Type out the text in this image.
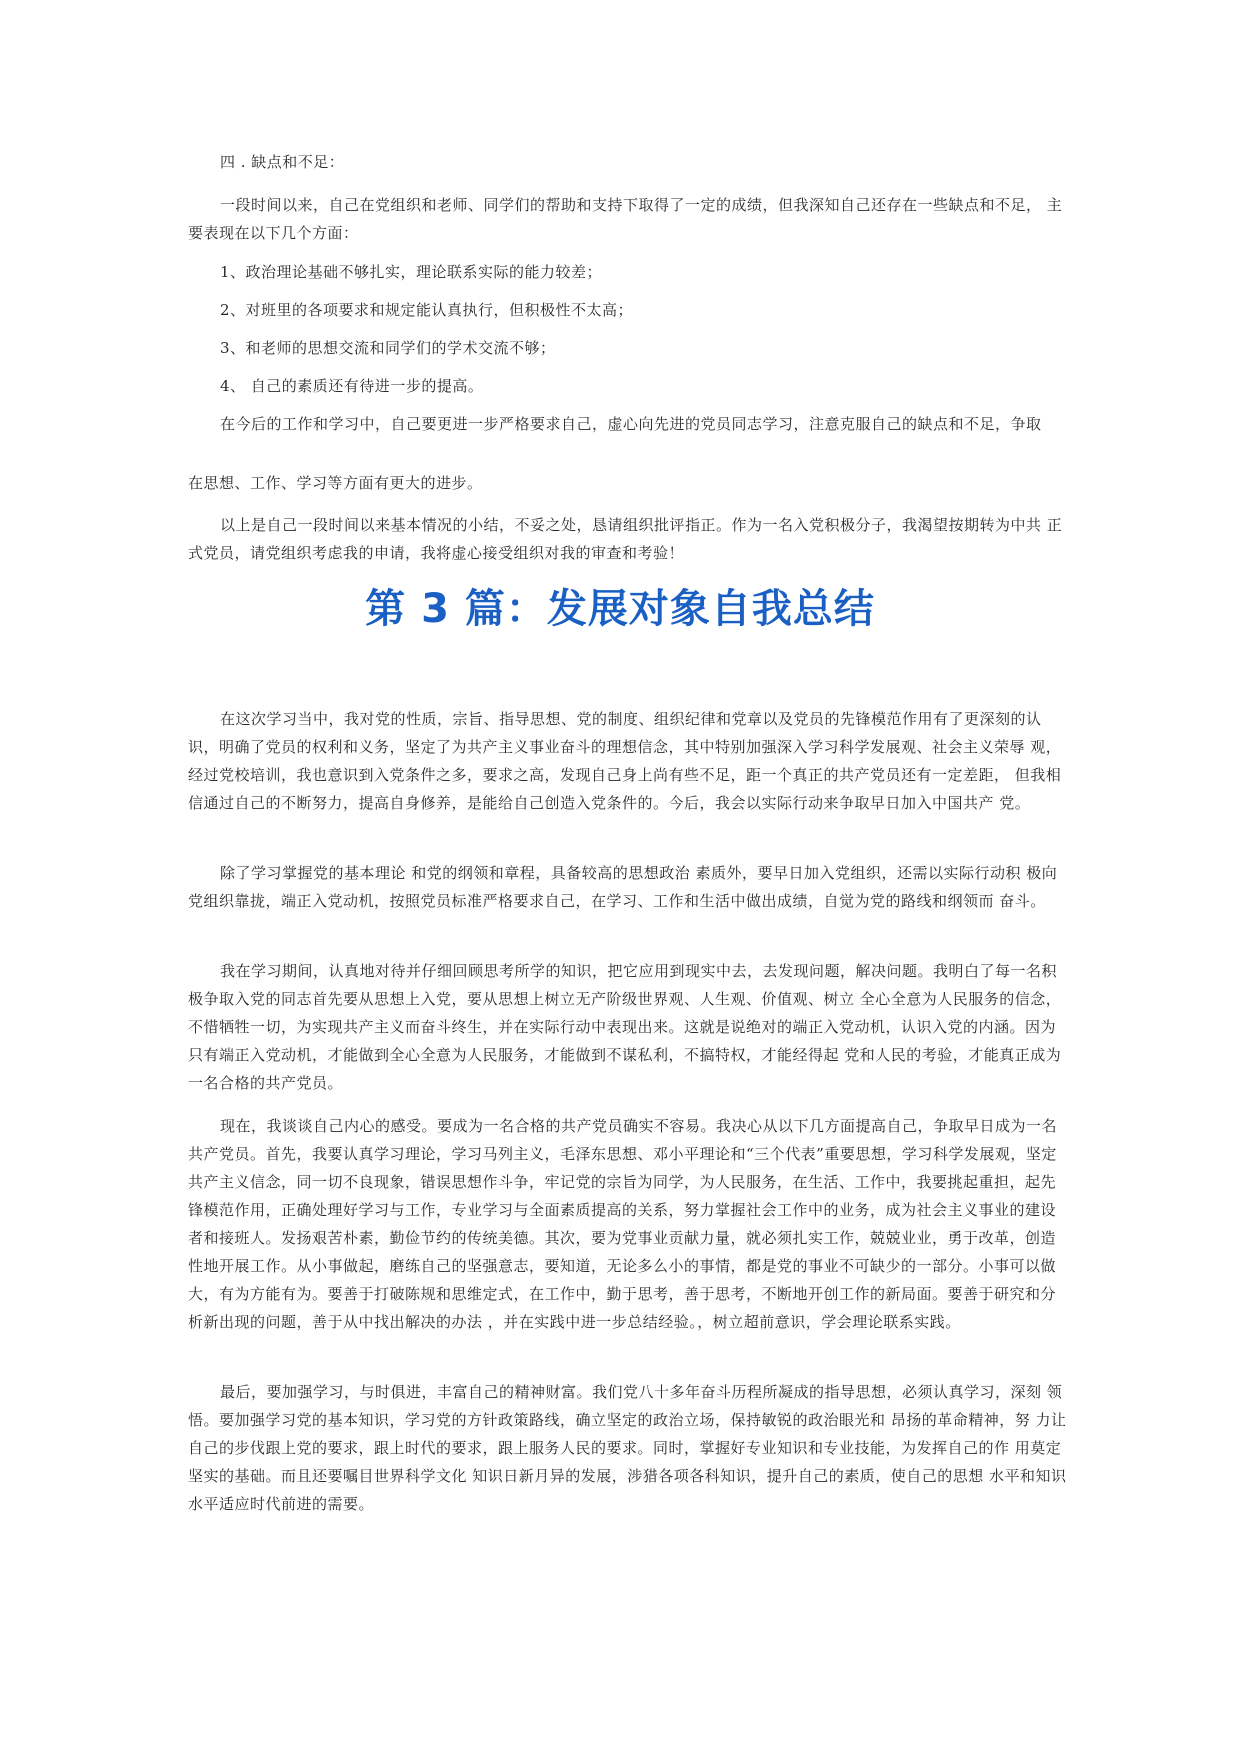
四 . 缺点和不足：

一段时间以来，自己在党组织和老师、同学们的帮助和支持下取得了一定的成绩，但我深知自己还存在一些缺点和不足， 主要表现在以下几个方面：

1、政治理论基础不够扎实，理论联系实际的能力较差；

2、对班里的各项要求和规定能认真执行，但积极性不太高；

3、和老师的思想交流和同学们的学术交流不够；

4、 自己的素质还有待进一步的提高。

在今后的工作和学习中，自己要更进一步严格要求自己，虚心向先进的党员同志学习，注意克服自己的缺点和不足，争取

在思想、工作、学习等方面有更大的进步。

以上是自己一段时间以来基本情况的小结，不妥之处，恳请组织批评指正。作为一名入党积极分子，我渴望按期转为中共 正式党员，请党组织考虑我的申请，我将虚心接受组织对我的审查和考验！

第 3 篇：发展对象自我总结

在这次学习当中，我对党的性质，宗旨、指导思想、党的制度、组织纪律和党章以及党员的先锋模范作用有了更深刻的认 识，明确了党员的权利和义务，坚定了为共产主义事业奋斗的理想信念，其中特别加强深入学习科学发展观、社会主义荣辱 观，经过党校培训，我也意识到入党条件之多，要求之高，发现自己身上尚有些不足，距一个真正的共产党员还有一定差距， 但我相信通过自己的不断努力，提高自身修养，是能给自己创造入党条件的。今后，我会以实际行动来争取早日加入中国共产 党。

除了学习掌握党的基本理论 和党的纲领和章程，具备较高的思想政治 素质外，要早日加入党组织，还需以实际行动积 极向党组织靠拢，端正入党动机，按照党员标准严格要求自己，在学习、工作和生活中做出成绩，自觉为党的路线和纲领而 奋斗。

我在学习期间，认真地对待并仔细回顾思考所学的知识，把它应用到现实中去，去发现问题，解决问题。我明白了每一名积极争取入党的同志首先要从思想上入党，要从思想上树立无产阶级世界观、人生观、价值观、树立 全心全意为人民服务的信念，不惜牺牲一切，为实现共产主义而奋斗终生，并在实际行动中表现出来。这就是说绝对的端正入党动机，认识入党的内涵。因为只有端正入党动机，才能做到全心全意为人民服务，才能做到不谋私利，不搞特权，才能经得起 党和人民的考验，才能真正成为一名合格的共产党员。

现在，我谈谈自己内心的感受。要成为一名合格的共产党员确实不容易。我决心从以下几方面提高自己，争取早日成为一名共产党员。首先，我要认真学习理论，学习马列主义，毛泽东思想、邓小平理论和“三个代表”重要思想，学习科学发展观，坚定共产主义信念，同一切不良现象，错误思想作斗争，牢记党的宗旨为同学，为人民服务，在生活、工作中，我要挑起重担，起先锋模范作用，正确处理好学习与工作，专业学习与全面素质提高的关系，努力掌握社会工作中的业务，成为社会主义事业的建设者和接班人。发扬艰苦朴素，勤俭节约的传统美德。其次，要为党事业贡献力量，就必须扎实工作，兢兢业业，勇于改革，创造性地开展工作。从小事做起，磨练自己的坚强意志，要知道，无论多么小的事情，都是党的事业不可缺少的一部分。小事可以做大，有为方能有为。要善于打破陈规和思维定式，在工作中，勤于思考，善于思考，不断地开创工作的新局面。要善于研究和分析新出现的问题，善于从中找出解决的办法 ，并在实践中进一步总结经验。，树立超前意识，学会理论联系实践。

最后，要加强学习，与时俱进，丰富自己的精神财富。我们党八十多年奋斗历程所凝成的指导思想，必须认真学习，深刻 领悟。要加强学习党的基本知识，学习党的方针政策路线，确立坚定的政治立场，保持敏锐的政治眼光和 昂扬的革命精神，努 力让自己的步伐跟上党的要求，跟上时代的要求，跟上服务人民的要求。同时，掌握好专业知识和专业技能，为发挥自己的作 用莫定坚实的基础。而且还要嘱目世界科学文化 知识日新月异的发展，涉猎各项各科知识，提升自己的素质，使自己的思想 水平和知识水平适应时代前进的需要。
